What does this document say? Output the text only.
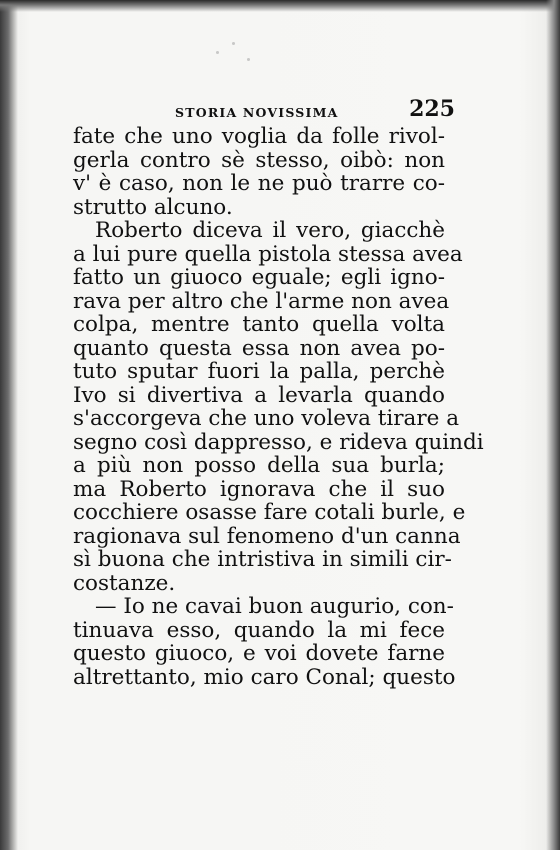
STORIA NOVISSIMA	225
fate che uno voglia da folle rivol-
gerla contro sè stesso, oibò: non
v' è caso, non le ne può trarre co-
strutto alcuno.
Roberto diceva il vero, giacchè
a lui pure quella pistola stessa avea
fatto un giuoco eguale; egli igno-
rava per altro che l'arme non avea
colpa, mentre tanto quella volta
quanto questa essa non avea po-
tuto sputar fuori la palla, perchè
Ivo si divertiva a levarla quando
s'accorgeva che uno voleva tirare a
segno così dappresso, e rideva quindi
a più non posso della sua burla;
ma Roberto ignorava che il suo
cocchiere osasse fare cotali burle, e
ragionava sul fenomeno d'un canna
sì buona che intristiva in simili cir-
costanze.
— Io ne cavai buon augurio, con-
tinuava esso, quando la mi fece
questo giuoco, e voi dovete farne
altrettanto, mio caro Conal; questo
